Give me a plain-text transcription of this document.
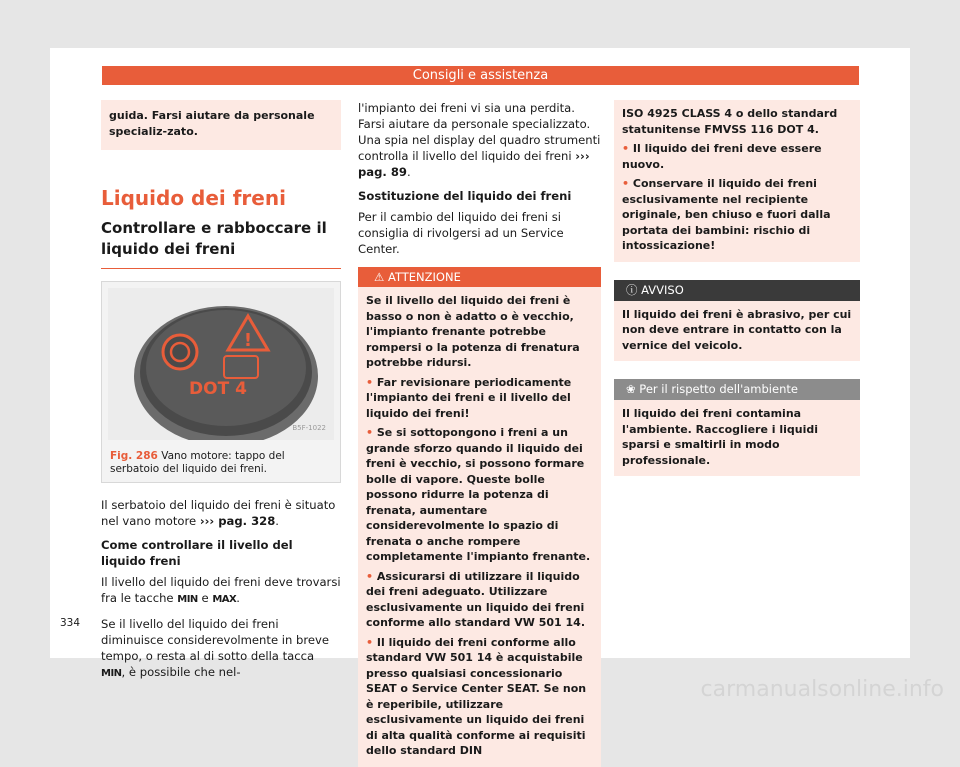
Consigli e assistenza
guida. Farsi aiutare da personale specializ-zato.
Liquido dei freni
Controllare e rabboccare il liquido dei freni
!
DOT 4
B5F-1022
Fig. 286 Vano motore: tappo del serbatoio del liquido dei freni.

Il serbatoio del liquido dei freni è situato nel vano motore ››› pag. 328.

Come controllare il livello del liquido freni

Il livello del liquido dei freni deve trovarsi fra le tacche MIN e MAX.

Se il livello del liquido dei freni diminuisce considerevolmente in breve tempo, o resta al di sotto della tacca MIN, è possibile che nel-

l'impianto dei freni vi sia una perdita. Farsi aiutare da personale specializzato. Una spia nel display del quadro strumenti controlla il livello del liquido dei freni ››› pag. 89.

Sostituzione del liquido dei freni

Per il cambio del liquido dei freni si consiglia di rivolgersi ad un Service Center.

⚠ ATTENZIONE
Se il livello del liquido dei freni è basso o non è adatto o è vecchio, l'impianto frenante potrebbe rompersi o la potenza di frenatura potrebbe ridursi.
• Far revisionare periodicamente l'impianto dei freni e il livello del liquido dei freni!
• Se si sottopongono i freni a un grande sforzo quando il liquido dei freni è vecchio, si possono formare bolle di vapore. Queste bolle possono ridurre la potenza di frenata, aumentare considerevolmente lo spazio di frenata o anche rompere completamente l'impianto frenante.
• Assicurarsi di utilizzare il liquido dei freni adeguato. Utilizzare esclusivamente un liquido dei freni conforme allo standard VW 501 14.
• Il liquido dei freni conforme allo standard VW 501 14 è acquistabile presso qualsiasi concessionario SEAT o Service Center SEAT. Se non è reperibile, utilizzare esclusivamente un liquido dei freni di alta qualità conforme ai requisiti dello standard DIN
ISO 4925 CLASS 4 o dello standard statunitense FMVSS 116 DOT 4.
• Il liquido dei freni deve essere nuovo.
• Conservare il liquido dei freni esclusivamente nel recipiente originale, ben chiuso e fuori dalla portata dei bambini: rischio di intossicazione!
ⓘ AVVISO
Il liquido dei freni è abrasivo, per cui non deve entrare in contatto con la vernice del veicolo.
❀ Per il rispetto dell'ambiente
Il liquido dei freni contamina l'ambiente. Raccogliere i liquidi sparsi e smaltirli in modo professionale.
334
carmanualsonline.info
